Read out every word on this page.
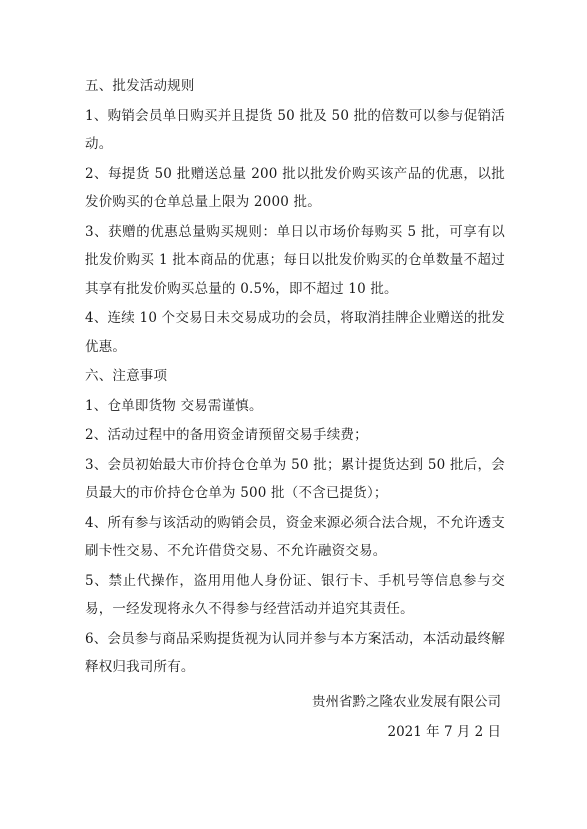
五、批发活动规则

1、购销会员单日购买并且提货 50 批及 50 批的倍数可以参与促销活动。

2、每提货 50 批赠送总量 200 批以批发价购买该产品的优惠，以批发价购买的仓单总量上限为 2000 批。

3、获赠的优惠总量购买规则：单日以市场价每购买 5 批，可享有以批发价购买 1 批本商品的优惠；每日以批发价购买的仓单数量不超过其享有批发价购买总量的 0.5%，即不超过 10 批。

4、连续 10 个交易日未交易成功的会员，将取消挂牌企业赠送的批发优惠。

六、注意事项

1、仓单即货物 交易需谨慎。

2、活动过程中的备用资金请预留交易手续费；

3、会员初始最大市价持仓仓单为 50 批；累计提货达到 50 批后，会员最大的市价持仓仓单为 500 批（不含已提货）；

4、所有参与该活动的购销会员，资金来源必须合法合规，不允许透支刷卡性交易、不允许借贷交易、不允许融资交易。

5、禁止代操作，盗用用他人身份证、银行卡、手机号等信息参与交易，一经发现将永久不得参与经营活动并追究其责任。

6、会员参与商品采购提货视为认同并参与本方案活动，本活动最终解释权归我司所有。

贵州省黔之隆农业发展有限公司
2021 年 7 月 2 日
